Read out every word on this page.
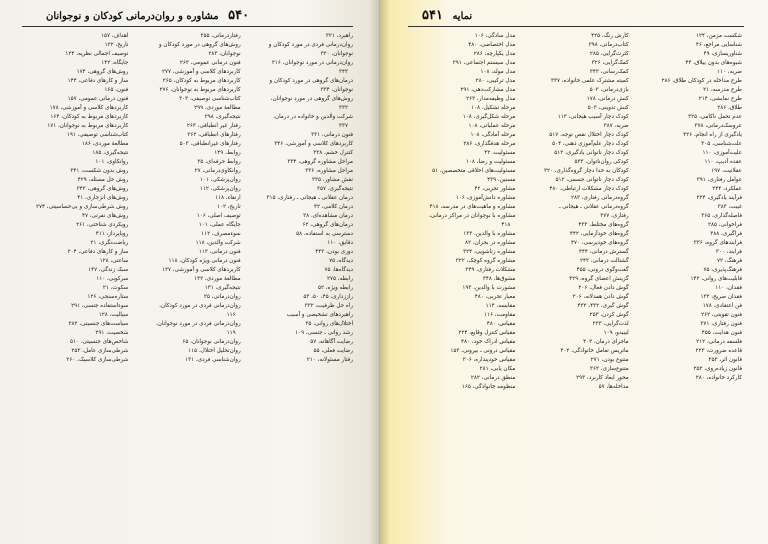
۵۴۰ مشاوره و روان‌درمانی کودکان و نوجوانان
راهبرد، ۳۲۱
روان‌درمانی فردی در مورد کودکان و
نوجوانان، ۳۲۰
روان‌درمانی در مورد نوجوانان، ۳۱۶
۳۴۳
درمان‌های گروهی در مورد کودکان و
نوجوانان، ۳۳۴
روش‌های گروهی در مورد نوجوانان،
۳۳۲
شرکت والدین و خانواده در درمان،
۳۳۷
فنون درمانی، ۳۳۱
کاربردهای کلاسی و آموزشی، ۳۴۶
کنترل خشم، ۳۳۸
مراحل مشاوره گروهی، ۳۳۴
مراحل مشاوره، ۳۳۶
نقش مشاور، ۳۳۵
نتیجه‌گیری، ۳۵۷
درمان عقلانی ـ هیجانی ـ رفتاری، ۳۱۵
درمان کلامی، ۴۲
درمان مشاهده‌ای، ۳۸
درمان‌های گروهی، ۶۲
دسترسی به استفاده، ۵۸
دقایق، ۱۱۰
دوری بودن، ۴۴۳
دیدگاه، ۷۵
دیدگاه‌ها، ۷۵
رابطه، ۲۷۵
رابطه ویژه، ۵۲
راززداری، ۴۵، ۵۰، ۵۳
راه حل ظرفیت، ۳۳۲
راهبردهای تشخیصی و آسیب
اختلال‌های روانی، ۳۵
رشد روانی ـ جنسی، ۱۰۹
رضایت آگاهانه، ۵۷
رضایت فعلی، ۵۵
رفتار مسئولانه، ۲۱۰
رفتاردرمانی، ۲۵۵
روش‌های گروهی در مورد کودکان و
نوجوانان، ۲۸۳
فنون درمانی عمومی، ۲۶۳
کاربردهای کلاسی و آموزشی، ۲۷۷
کاربردهای مربوط به کودکان، ۲۶۵
کاربردهای مربوط به نوجوانان، ۲۷۶
کتاب‌شناسی توصیفی، ۳۰۳
مطالعهٔ موردی، ۲۹۹
نتیجه‌گیری، ۲۹۸
رفتار غیر انطباقی، ۲۶۳
رفتارهای انطباقی، ۲۶۲
رفتارهای غیرانطباقی، ۵۰۳
روابط، ۱۴۹
روابط حرفه‌ای، ۳۵
روانکاوی‌درمانی، ۲۷
روان‌پزشکی، ۱۰۱
روان‌پزشکی، ۱۱۲
ارتقاء، ۱۱۸
تاریخ، ۱۰۲
توصیف اصلی، ۱۰۶
جایگاه عملی، ۱۰۱
سوءمصرف، ۱۱۲
شرکت والدین، ۱۱۸
فنون درمانی، ۱۱۳
فنون درمانی ویژه کودکان، ۱۱۸
کاربردهای کلاسی و آموزشی، ۱۲۷
مطالعهٔ موردی، ۱۳۲
نتیجه‌گیری، ۱۳۱
روان‌درمانی، ۲۵
روان‌درمانی فردی در مورد کودکان،
۱۱۶
روان‌درمانی فردی در مورد نوجوانان،
۱۱۹
روان‌درمانی نوجوانان، ۶۵
روان‌تحلیل اختلال، ۱۱۵
روان‌شناسی فردی، ۱۳۱
اهداف، ۱۵۷
تاریخ، ۱۲۲
توصیف اجمالی نظریه، ۱۲۴
جایگاه، ۱۴۲
روش‌های گروهی، ۱۷۴
ساز و کارهای دفاعی، ۱۴۴
فنون، ۱۶۵
فنون درمانی عمومی، ۱۵۷
کاربردهای کلاسی و آموزشی، ۱۷۸
کاربردهای مربوط به کودکان، ۱۶۴
کاربردهای مربوط به نوجوانان، ۱۷۱
کتاب‌شناسی توصیفی، ۱۹۱
مطالعهٔ موردی، ۱۸۶
نتیجه‌گیری، ۱۸۵
روانکاوی، ۱۰۱
روش بدون شکست، ۳۴۱
روش حل مسئله، ۴۲۹
روش‌های گروهی، ۳۴۲
روش‌های انزجاری، ۴۱
روش شرطی‌سازی و بی‌حساسیتی، ۲۷۴
روش‌های نفرتی، ۴۷
رویکردی شناختی، ۲۶۱
رویاپرداز، ۴۱۱
ریاضت‌نگری، ۲۱
ساز و کارهای دفاعی، ۲۰۴
ساعتی، ۱۲۸
سبک زندگی، ۱۴۷
سرکوبی، ۱۱۰
سکوت، ۲۱
ستاره‌سنجی، ۱۲۶
سوءاستفاده جنسی، ۲۹۱
سیالیت، ۱۲۸
سیاست‌های جنسیتی، ۲۸۲
شخصیت، ۲۹۱
شاخص‌های جنسیتی، ۵۱۰
شرطی‌سازی عامل، ۲۵۳
شرطی‌سازی کلاسیک، ۲۶۰
نمایه ۵۴۱
شکست مزمن، ۱۲۴
شناسایی مراجع، ۴۶
شناوریسازی، ۴۹
شیوه‌های بدون ییلاق، ۴۴
ضربه، ۱۱۰
طرح مداخله در کودکان طلاق، ۲۸۶
طرح مدرسه، ۲۱
طرح نمایشی، ۲۱۴
طلاق، ۲۸۶
عدم تحمل ناکامی، ۳۲۵
عروسک‌درمانی، ۳۷۸
یادگیری از راه انجام، ۴۲۶
علت‌شناسی، ۳۰۵
علیت‌آموزی، ۱۱۰
عقده آدیپ، ۱۱۰
عقلانیت، ۱۹۷
عوامل رفتاری، ۳۹۱
عملکرد، ۲۴۴
فرآیند یادگیری، ۲۲۴
غیبت، ۳۸۳
فاصله‌گذاری، ۳۶۵
فراخوانی، ۲۸۵
فراگیری، ۳۸۸
فرایندهای گروه، ۳۳۶
فرایند، ۳۰۰
فرهنگ، ۷۲
فرهنگ‌پذیری، ۷۵
قابلیت‌های روانی، ۱۴۲
فقدان، ۱۱۰
فقدان صریح، ۱۳۲
فن اعتقادی، ۱۷۸
فنون تقویتی، ۲۶۲
فنون رفتاری، ۲۷۱
فنون هدایت، ۴۵۵
فلسفه درمانی، ۲۱۲
قاعده ضرورت، ۲۲۳
قانون اثر، ۲۵۳
قانون زیاده‌روی، ۲۵۲
کارکرد خانواده، ۲۸۰
کارش رنگ، ۴۲۵
کتاب‌درمانی، ۳۹۸
کثرت‌گرایی، ۲۸۵
کمک‌گرایی، ۳۲۶
کمک‌رسانی، ۳۴۳
کمیته مشترک علمی خانواده، ۳۳۷
بازی‌درمانی، ۵۰۳
کنش درمانی، ۱۷۸
کنش تدوینی، ۵۰۳
کودک دچار آسیب هیجانی، ۱۱۳
ضربه، ۳۸۷
کودک دچار اختلال نقص توجه، ۵۱۷
کودک دچار علم‌آموزی ذهنی، ۵۰۴
کودک دچار ناتوانی یادگیری، ۵۱۲
کودکی روان‌ناتوان، ۵۳۳
کودکان به خدا دچار گروه‌گذاری، ۳۲۰
کودک دچار ناتوانی جسمی، ۵۱۲
کودک دچار مشکلات ارتباطی، ۴۸۰
گروه‌درمانی رفتاری، ۲۸۳
گروه‌درمانی عقلانی ـ هیجانی ـ
رفتاری، ۳۷۷
گروه‌های مختلط، ۴۳۳
گروه‌های خودآزمایی، ۴۴۲
گروه‌های خودپرسی، ۴۷۰
گسترش درمانی، ۴۴۴
گشتالت درمانی، ۲۴۳
گفت‌وگوی درونی، ۴۵۵
گزینش اعضای گروه، ۴۲۹
گوش دادن فعال، ۲۰۶
گوش دادن همدلانه، ۲۰۶
گوش گیری، ۴۳۲، ۴۳۲
گوش کردن، ۲۵۳
لذت‌گرایی، ۲۳۳
لیبیدو، ۱۰۹
ماجرای درمان، ۴۰۳
ماتریس تعامل خانوادگی، ۴۰۲
متنوع بودن، ۲۷۱
متنوع‌سازی، ۳۶۲
محور ابعاد کاربرد، ۲۹۳
مداخله‌ها، ۵۷
مدل سادگی، ۱۰۶
مدل اختصاصی، ۴۸۰
مدل یکپارچه، ۲۸۶
مدل سیستم اجتماعی، ۲۹۱
مدل مولد، ۱۰۸
مدل ترکیبی، ۲۸۰
مدل مشارکت‌دهی، ۲۹۱
مدل وظیفه‌مدار، ۲۶۳
مرحله تشکیل، ۱۰۸
مرحله شکل‌گیری، ۱۰۸
مرحله عملیاتی، ۱۰۸
مرحله آمادگی، ۱۰۸
مرحله هدفگذاری، ۲۸۶
مسئولیت، ۴۲
مسئولیت و رضا، ۱۰۸
مسئولیت‌های اخلاقی متخصصین، ۵۱
مسنین، ۴۳۹
مشاور تجربی، ۴۲
مشاوره دانش‌آموزی، ۱۰۶
مشاوره و ماهیت‌های در مدرسه، ۴۱۸
مشاوره با نوجوانان در مراکز درمانی،
۴۱۸
مشاوره با والدین، ۱۳۳
مشاوره در بحران، ۸۲
مشاوره زناشویی، ۳۲۴
مشاوره گروه کوچک، ۳۲۲
مشکلات رفتاری، ۲۴۹
مشوق‌ها، ۳۴۸
مشورت با والدین، ۱۹۳
معیار تجربی، ۴۸۰
مقایسه، ۱۱۴
مقاومت، ۱۱۶
مقیاس، ۴۸۰
مقیاس کنترل وقایع، ۲۲۴
مقیاس ادراک خود، ۴۸۰
مقیاس درونی ـ بیرونی، ۱۵۳
مقیاس خودپنداره، ۳۰۶
مکان یابی، ۲۸۱
منطق درمانی، ۲۸۲
منظومه خانوادگی، ۱۶۵
